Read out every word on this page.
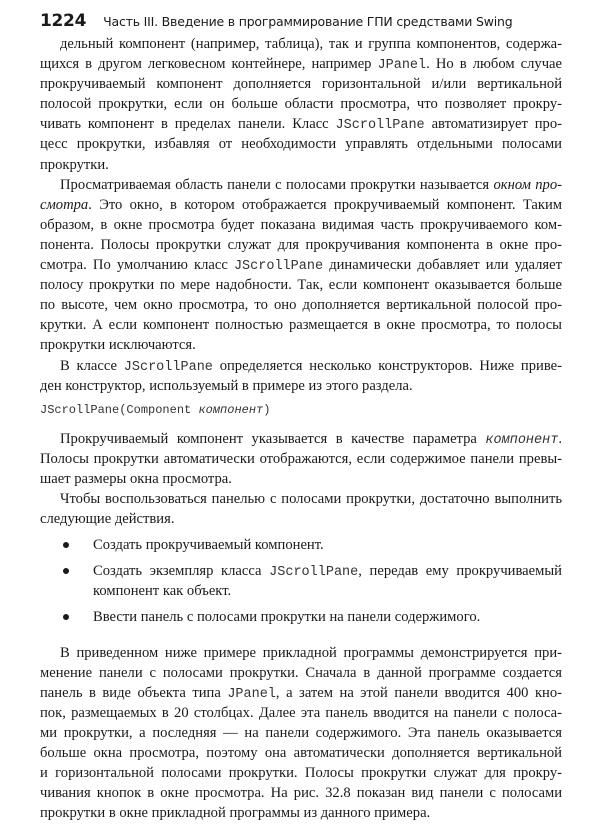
1224 Часть III. Введение в программирование ГПИ средствами Swing
дельный компонент (например, таблица), так и группа компонентов, содержа-
щихся в другом легковесном контейнере, например JPanel. Но в любом случае
прокручиваемый компонент дополняется горизонтальной и/или вертикальной
полосой прокрутки, если он больше области просмотра, что позволяет прокру-
чивать компонент в пределах панели. Класс JScrollPane автоматизирует про-
цесс прокрутки, избавляя от необходимости управлять отдельными полосами
прокрутки.
Просматриваемая область панели с полосами прокрутки называется окном про-
смотра. Это окно, в котором отображается прокручиваемый компонент. Таким
образом, в окне просмотра будет показана видимая часть прокручиваемого ком-
понента. Полосы прокрутки служат для прокручивания компонента в окне про-
смотра. По умолчанию класс JScrollPane динамически добавляет или удаляет
полосу прокрутки по мере надобности. Так, если компонент оказывается больше
по высоте, чем окно просмотра, то оно дополняется вертикальной полосой про-
крутки. А если компонент полностью размещается в окне просмотра, то полосы
прокрутки исключаются.
В классе JScrollPane определяется несколько конструкторов. Ниже приве-
ден конструктор, используемый в примере из этого раздела.
JScrollPane(Component компонент)
Прокручиваемый компонент указывается в качестве параметра компонент.
Полосы прокрутки автоматически отображаются, если содержимое панели превы-
шает размеры окна просмотра.
Чтобы воспользоваться панелью с полосами прокрутки, достаточно выполнить
следующие действия.
Создать прокручиваемый компонент.
Создать экземпляр класса JScrollPane, передав ему прокручиваемый
компонент как объект.
Ввести панель с полосами прокрутки на панели содержимого.
В приведенном ниже примере прикладной программы демонстрируется при-
менение панели с полосами прокрутки. Сначала в данной программе создается
панель в виде объекта типа JPanel, а затем на этой панели вводится 400 кно-
пок, размещаемых в 20 столбцах. Далее эта панель вводится на панели с полоса-
ми прокрутки, а последняя — на панели содержимого. Эта панель оказывается
больше окна просмотра, поэтому она автоматически дополняется вертикальной
и горизонтальной полосами прокрутки. Полосы прокрутки служат для прокру-
чивания кнопок в окне просмотра. На рис. 32.8 показан вид панели с полосами
прокрутки в окне прикладной программы из данного примера.
